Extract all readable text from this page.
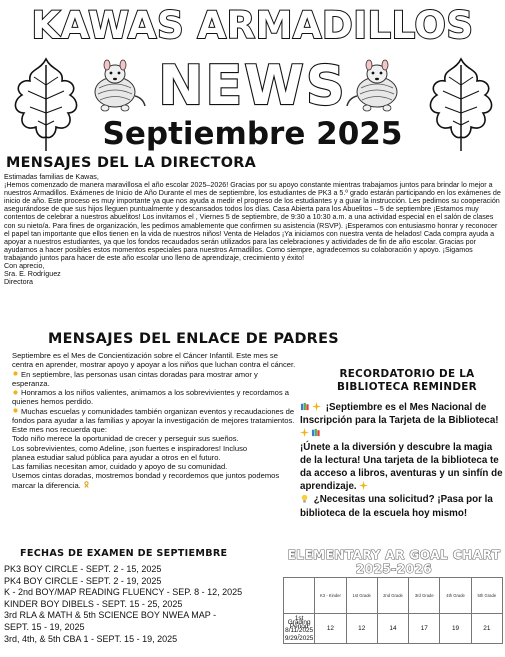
KAWAS ARMADILLOS
NEWS
Septiembre 2025
MENSAJES DEL LA DIRECTORA

Estimadas familias de Kawas,

¡Hemos comenzado de manera maravillosa el año escolar 2025–2026! Gracias por su apoyo constante mientras trabajamos juntos para brindar lo mejor a nuestros Armadillos. Exámenes de Inicio de Año Durante el mes de septiembre, los estudiantes de PK3 a 5.º grado estarán participando en los exámenes de inicio de año. Este proceso es muy importante ya que nos ayuda a medir el progreso de los estudiantes y a guiar la instrucción. Les pedimos su cooperación asegurándose de que sus hijos lleguen puntualmente y descansados todos los días. Casa Abierta para los Abuelitos – 5 de septiembre ¡Estamos muy contentos de celebrar a nuestros abuelitos! Los invitamos el , Viernes 5 de septiembre, de 9:30 a 10:30 a.m. a una actividad especial en el salón de clases con su nieto/a. Para fines de organización, les pedimos amablemente que confirmen su asistencia (RSVP). ¡Esperamos con entusiasmo honrar y reconocer el papel tan importante que ellos tienen en la vida de nuestros niños! Venta de Helados ¡Ya iniciamos con nuestra venta de helados! Cada compra ayuda a apoyar a nuestros estudiantes, ya que los fondos recaudados serán utilizados para las celebraciones y actividades de fin de año escolar. Gracias por ayudarnos a hacer posibles estos momentos especiales para nuestros Armadillos. Como siempre, agradecemos su colaboración y apoyo. ¡Sigamos trabajando juntos para hacer de este año escolar uno lleno de aprendizaje, crecimiento y éxito!

Con aprecio,

Sra. E. Rodríguez

Directora

MENSAJES DEL ENLACE DE PADRES

Septiembre es el Mes de Concientización sobre el Cáncer Infantil. Este mes se centra en aprender, mostrar apoyo y apoyar a los niños que luchan contra el cáncer.

En septiembre, las personas usan cintas doradas para mostrar amor y esperanza.

Honramos a los niños valientes, animamos a los sobrevivientes y recordamos a quienes hemos perdido.

Muchas escuelas y comunidades también organizan eventos y recaudaciones de fondos para ayudar a las familias y apoyar la investigación de mejores tratamientos.

Este mes nos recuerda que:

Todo niño merece la oportunidad de crecer y perseguir sus sueños.

Los sobrevivientes, como Adeline, ¡son fuertes e inspiradores! Incluso

planea estudiar salud pública para ayudar a otros en el futuro.

Las familias necesitan amor, cuidado y apoyo de su comunidad.

Usemos cintas doradas, mostremos bondad y recordemos que juntos podemos marcar la diferencia.

RECORDATORIO DE LA BIBLIOTECA REMINDER

¡Septiembre es el Mes Nacional de Inscripción para la Tarjeta de la Biblioteca!

¡Únete a la diversión y descubre la magia de la lectura! Una tarjeta de la biblioteca te da acceso a libros, aventuras y un sinfín de aprendizaje.

¿Necesitas una solicitud? ¡Pasa por la biblioteca de la escuela hoy mismo!

FECHAS DE EXAMEN DE SEPTIEMBRE
PK3 BOY CIRCLE - SEPT. 2 - 15, 2025
PK4 BOY CIRCLE - SEPT. 2 - 19, 2025
K - 2nd BOY/MAP READING FLUENCY - SEP. 8 - 12, 2025
KINDER BOY DIBELS - SEPT. 15 - 25, 2025
3rd RLA & MATH & 5th SCIENCE BOY NWEA MAP -
SEPT. 15 - 19, 2025
3rd, 4th, & 5th CBA 1 - SEPT. 15 - 19, 2025
ELEMENTARY AR GOAL CHART
2025-2026
	K3 - Kinder	1st Grade	2nd Grade	3rd Grade	4th Grade	5th Grade
1st Grading Period 8/11/2025 - 9/29/2025	12	12	14	17	19	21
